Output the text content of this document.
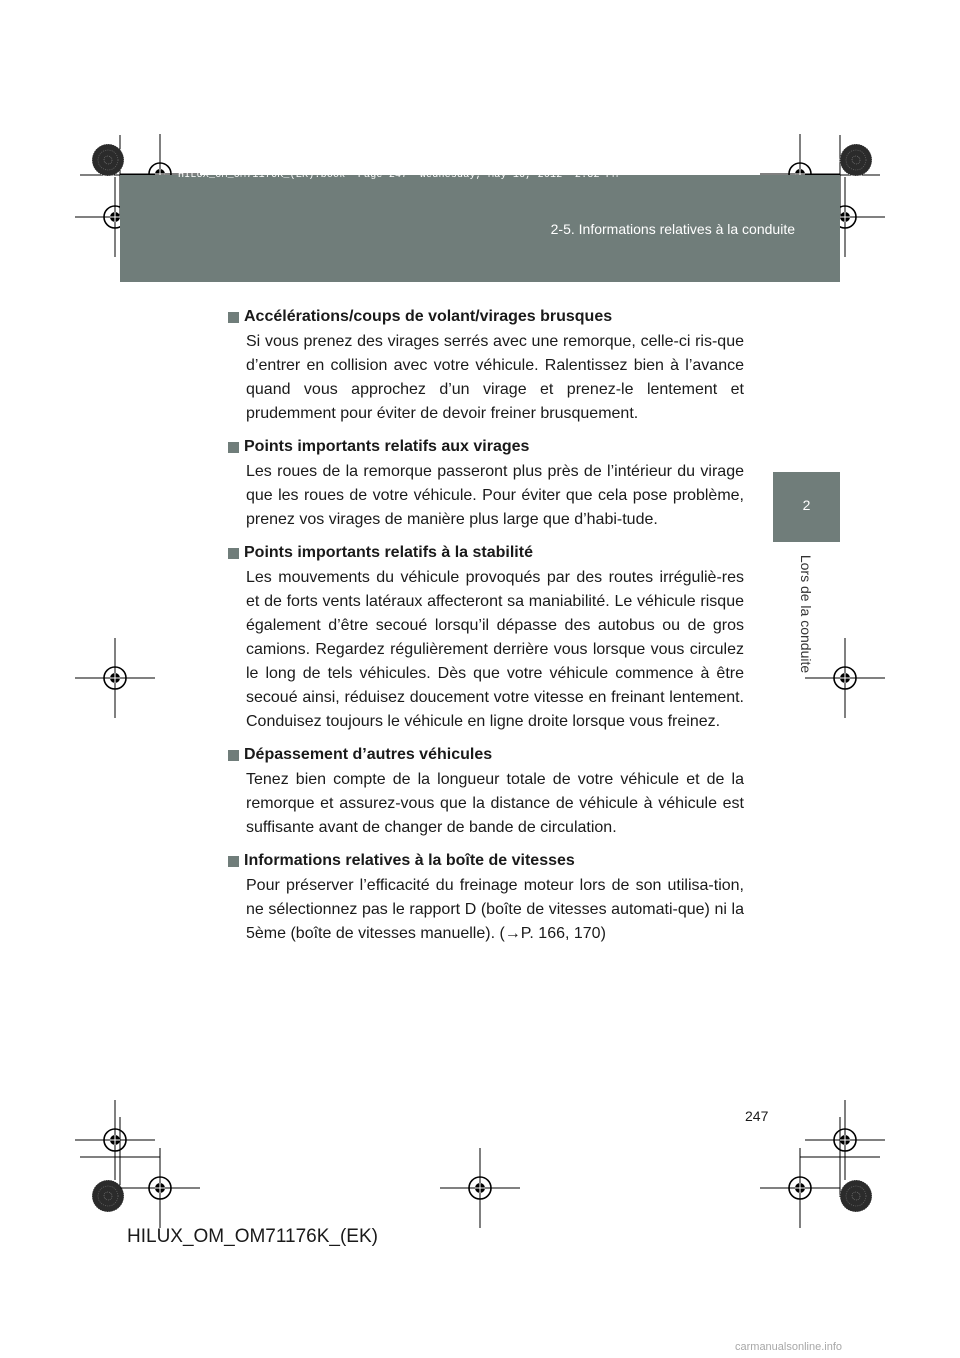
HILUX_OM_OM71176K_(EK).book  Page 247  Wednesday, May 16, 2012  2:32 PM
2-5. Informations relatives à la conduite
2
Lors de la conduite
Accélérations/coups de volant/virages brusques
Si vous prenez des virages serrés avec une remorque, celle-ci ris-que d’entrer en collision avec votre véhicule. Ralentissez bien à l’avance quand vous approchez d’un virage et prenez-le lentement et prudemment pour éviter de devoir freiner brusquement.
Points importants relatifs aux virages
Les roues de la remorque passeront plus près de l’intérieur du virage que les roues de votre véhicule. Pour éviter que cela pose problème, prenez vos virages de manière plus large que d’habi-tude.
Points importants relatifs à la stabilité
Les mouvements du véhicule provoqués par des routes irréguliè-res et de forts vents latéraux affecteront sa maniabilité. Le véhicule risque également d’être secoué lorsqu’il dépasse des autobus ou de gros camions. Regardez régulièrement derrière vous lorsque vous circulez le long de tels véhicules. Dès que votre véhicule commence à être secoué ainsi, réduisez doucement votre vitesse en freinant lentement. Conduisez toujours le véhicule en ligne droite lorsque vous freinez.
Dépassement d’autres véhicules
Tenez bien compte de la longueur totale de votre véhicule et de la remorque et assurez-vous que la distance de véhicule à véhicule est suffisante avant de changer de bande de circulation.
Informations relatives à la boîte de vitesses
Pour préserver l’efficacité du freinage moteur lors de son utilisa-tion, ne sélectionnez pas le rapport D (boîte de vitesses automati-que) ni la 5ème (boîte de vitesses manuelle). (→P. 166, 170)
247
HILUX_OM_OM71176K_(EK)
carmanualsonline.info
